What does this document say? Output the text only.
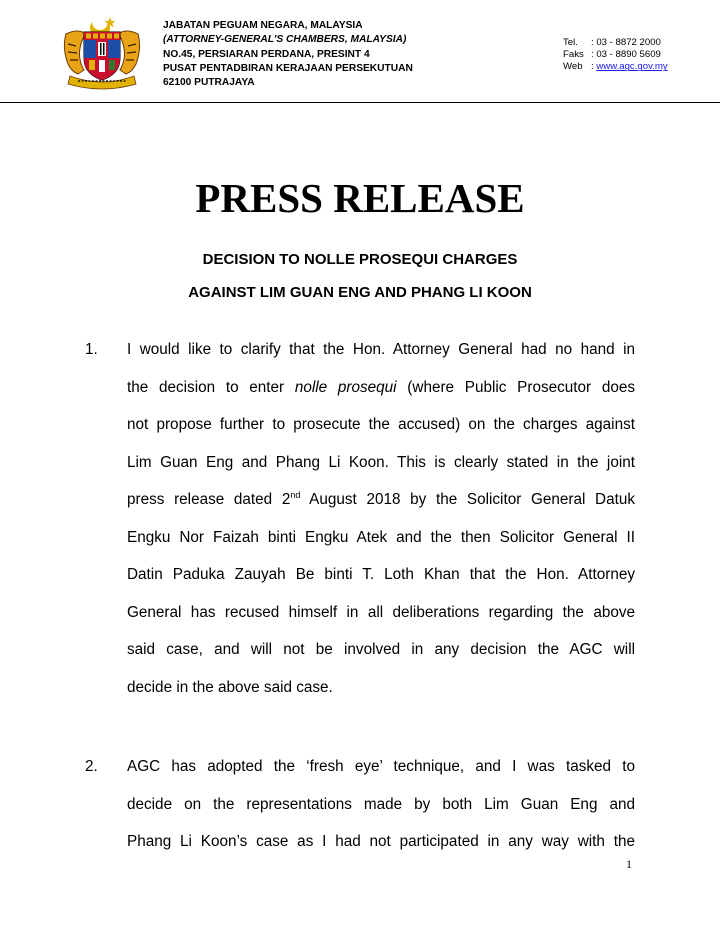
JABATAN PEGUAM NEGARA, MALAYSIA
(ATTORNEY-GENERAL'S CHAMBERS, MALAYSIA)
NO.45, PERSIARAN PERDANA, PRESINT 4
PUSAT PENTADBIRAN KERAJAAN PERSEKUTUAN
62100 PUTRAJAYA
Tel. : 03 - 8872 2000
Faks : 03 - 8890 5609
Web : www.agc.gov.my
PRESS RELEASE
DECISION TO NOLLE PROSEQUI CHARGES
AGAINST LIM GUAN ENG AND PHANG LI KOON
1. I would like to clarify that the Hon. Attorney General had no hand in
the decision to enter nolle prosequi (where Public Prosecutor does
not propose further to prosecute the accused) on the charges against
Lim Guan Eng and Phang Li Koon. This is clearly stated in the joint
press release dated 2nd August 2018 by the Solicitor General Datuk
Engku Nor Faizah binti Engku Atek and the then Solicitor General II
Datin Paduka Zauyah Be binti T. Loth Khan that the Hon. Attorney
General has recused himself in all deliberations regarding the above
said case, and will not be involved in any decision the AGC will
decide in the above said case.
2. AGC has adopted the ‘fresh eye’ technique, and I was tasked to
decide on the representations made by both Lim Guan Eng and
Phang Li Koon’s case as I had not participated in any way with the
1
